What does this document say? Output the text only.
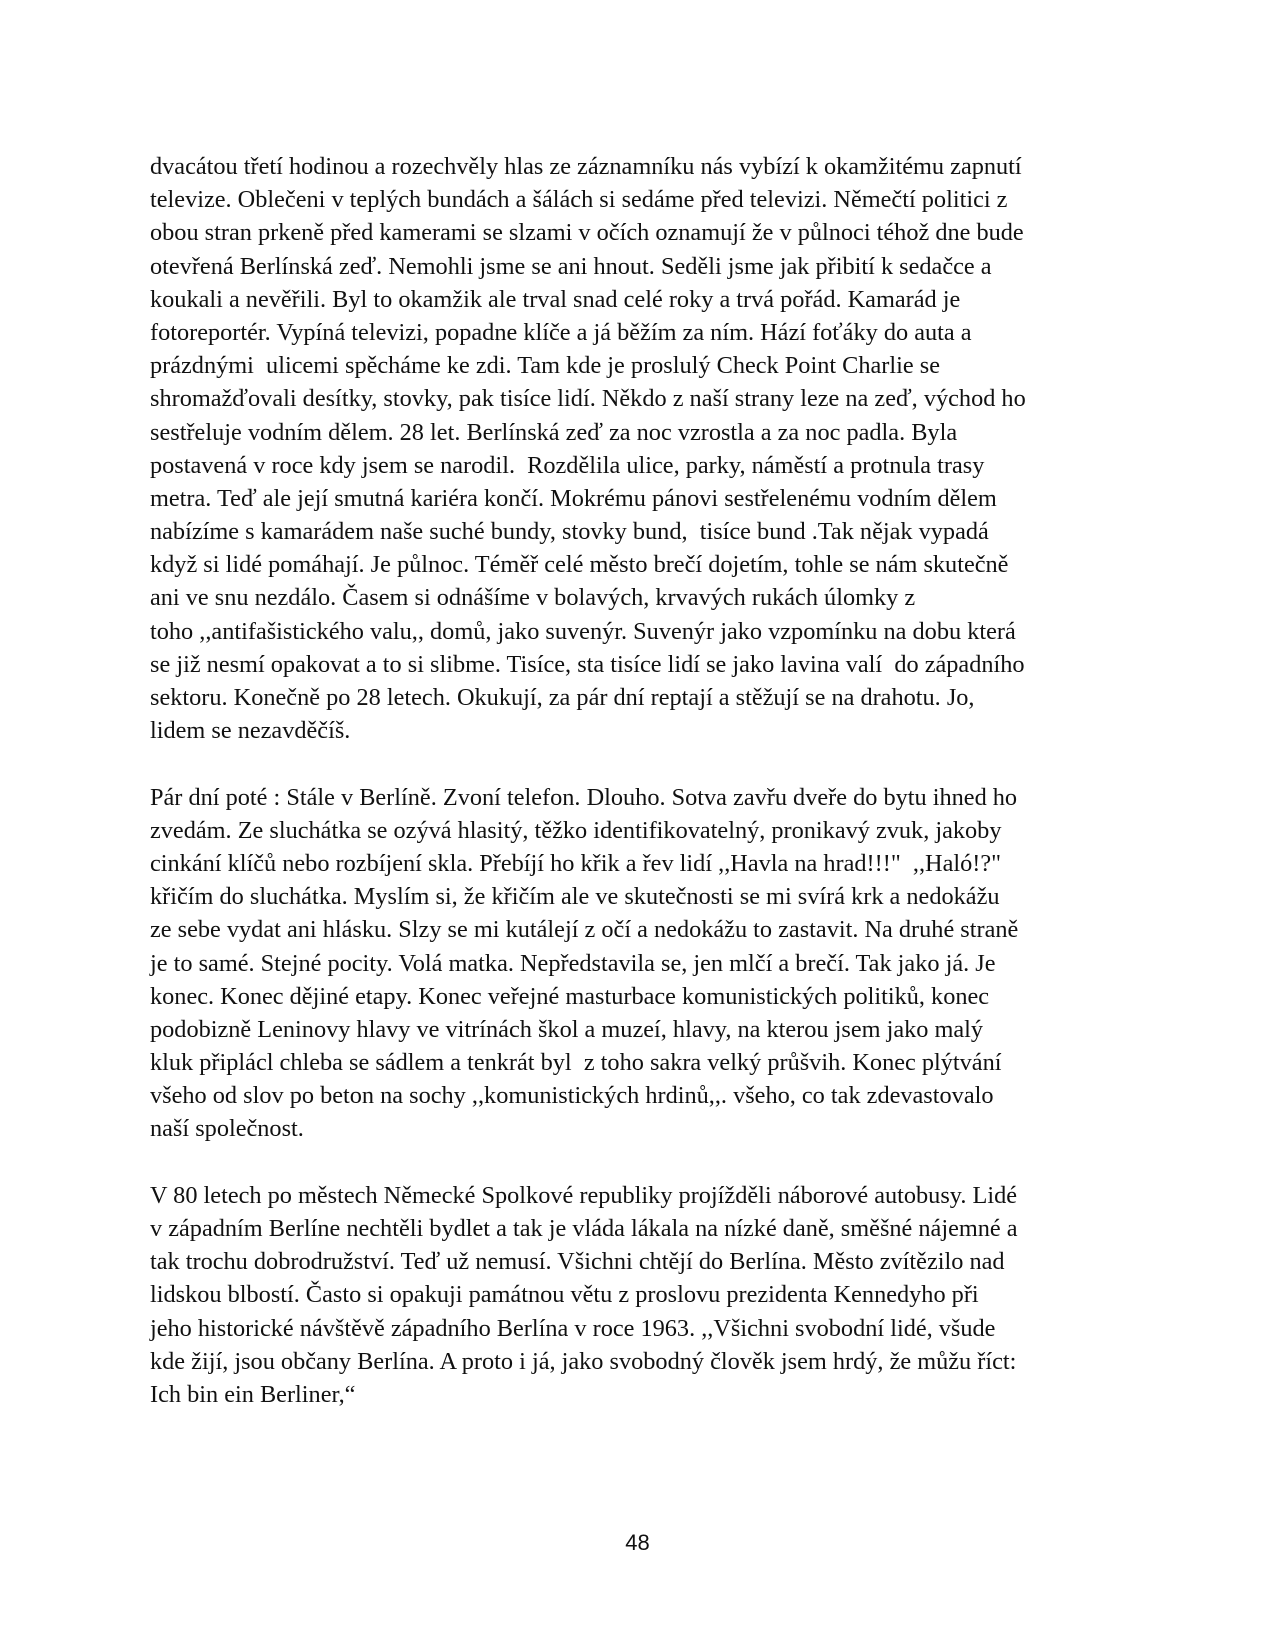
dvacátou třetí hodinou a rozechvěly hlas ze záznamníku nás vybízí k okamžitému zapnutí
televize. Oblečeni v teplých bundách a šálách si sedáme před televizi. Němečtí politici z
obou stran prkeně před kamerami se slzami v očích oznamují že v půlnoci téhož dne bude
otevřená Berlínská zeď. Nemohli jsme se ani hnout. Seděli jsme jak přibití k sedačce a
koukali a nevěřili. Byl to okamžik ale trval snad celé roky a trvá pořád. Kamarád je
fotoreportér. Vypíná televizi, popadne klíče a já běžím za ním. Hází foťáky do auta a
prázdnými  ulicemi spěcháme ke zdi. Tam kde je proslulý Check Point Charlie se
shromažďovali desítky, stovky, pak tisíce lidí. Někdo z naší strany leze na zeď, východ ho
sestřeluje vodním dělem. 28 let. Berlínská zeď za noc vzrostla a za noc padla. Byla
postavená v roce kdy jsem se narodil.  Rozdělila ulice, parky, náměstí a protnula trasy
metra. Teď ale její smutná kariéra končí. Mokrému pánovi sestřelenému vodním dělem
nabízíme s kamarádem naše suché bundy, stovky bund,  tisíce bund .Tak nějak vypadá
když si lidé pomáhají. Je půlnoc. Téměř celé město brečí dojetím, tohle se nám skutečně
ani ve snu nezdálo. Časem si odnášíme v bolavých, krvavých rukách úlomky z
toho ,,antifašistického valu,, domů, jako suvenýr. Suvenýr jako vzpomínku na dobu která
se již nesmí opakovat a to si slibme. Tisíce, sta tisíce lidí se jako lavina valí  do západního
sektoru. Konečně po 28 letech. Okukují, za pár dní reptají a stěžují se na drahotu. Jo,
lidem se nezavděčíš.
Pár dní poté : Stále v Berlíně. Zvoní telefon. Dlouho. Sotva zavřu dveře do bytu ihned ho
zvedám. Ze sluchátka se ozývá hlasitý, těžko identifikovatelný, pronikavý zvuk, jakoby
cinkání klíčů nebo rozbíjení skla. Přebíjí ho křik a řev lidí ,,Havla na hrad!!!"  ,,Haló!?"
křičím do sluchátka. Myslím si, že křičím ale ve skutečnosti se mi svírá krk a nedokážu
ze sebe vydat ani hlásku. Slzy se mi kutálejí z očí a nedokážu to zastavit. Na druhé straně
je to samé. Stejné pocity. Volá matka. Nepředstavila se, jen mlčí a brečí. Tak jako já. Je
konec. Konec dějiné etapy. Konec veřejné masturbace komunistických politiků, konec
podobizně Leninovy hlavy ve vitrínách škol a muzeí, hlavy, na kterou jsem jako malý
kluk připlácl chleba se sádlem a tenkrát byl  z toho sakra velký průšvih. Konec plýtvání
všeho od slov po beton na sochy ,,komunistických hrdinů,,. všeho, co tak zdevastovalo
naší společnost.
V 80 letech po městech Německé Spolkové republiky projížděli náborové autobusy. Lidé
v západním Berlíne nechtěli bydlet a tak je vláda lákala na nízké daně, směšné nájemné a
tak trochu dobrodružství. Teď už nemusí. Všichni chtějí do Berlína. Město zvítězilo nad
lidskou blbostí. Často si opakuji památnou větu z proslovu prezidenta Kennedyho při
jeho historické návštěvě západního Berlína v roce 1963. ,,Všichni svobodní lidé, všude
kde žijí, jsou občany Berlína. A proto i já, jako svobodný člověk jsem hrdý, že můžu říct:
Ich bin ein Berliner,“
48
